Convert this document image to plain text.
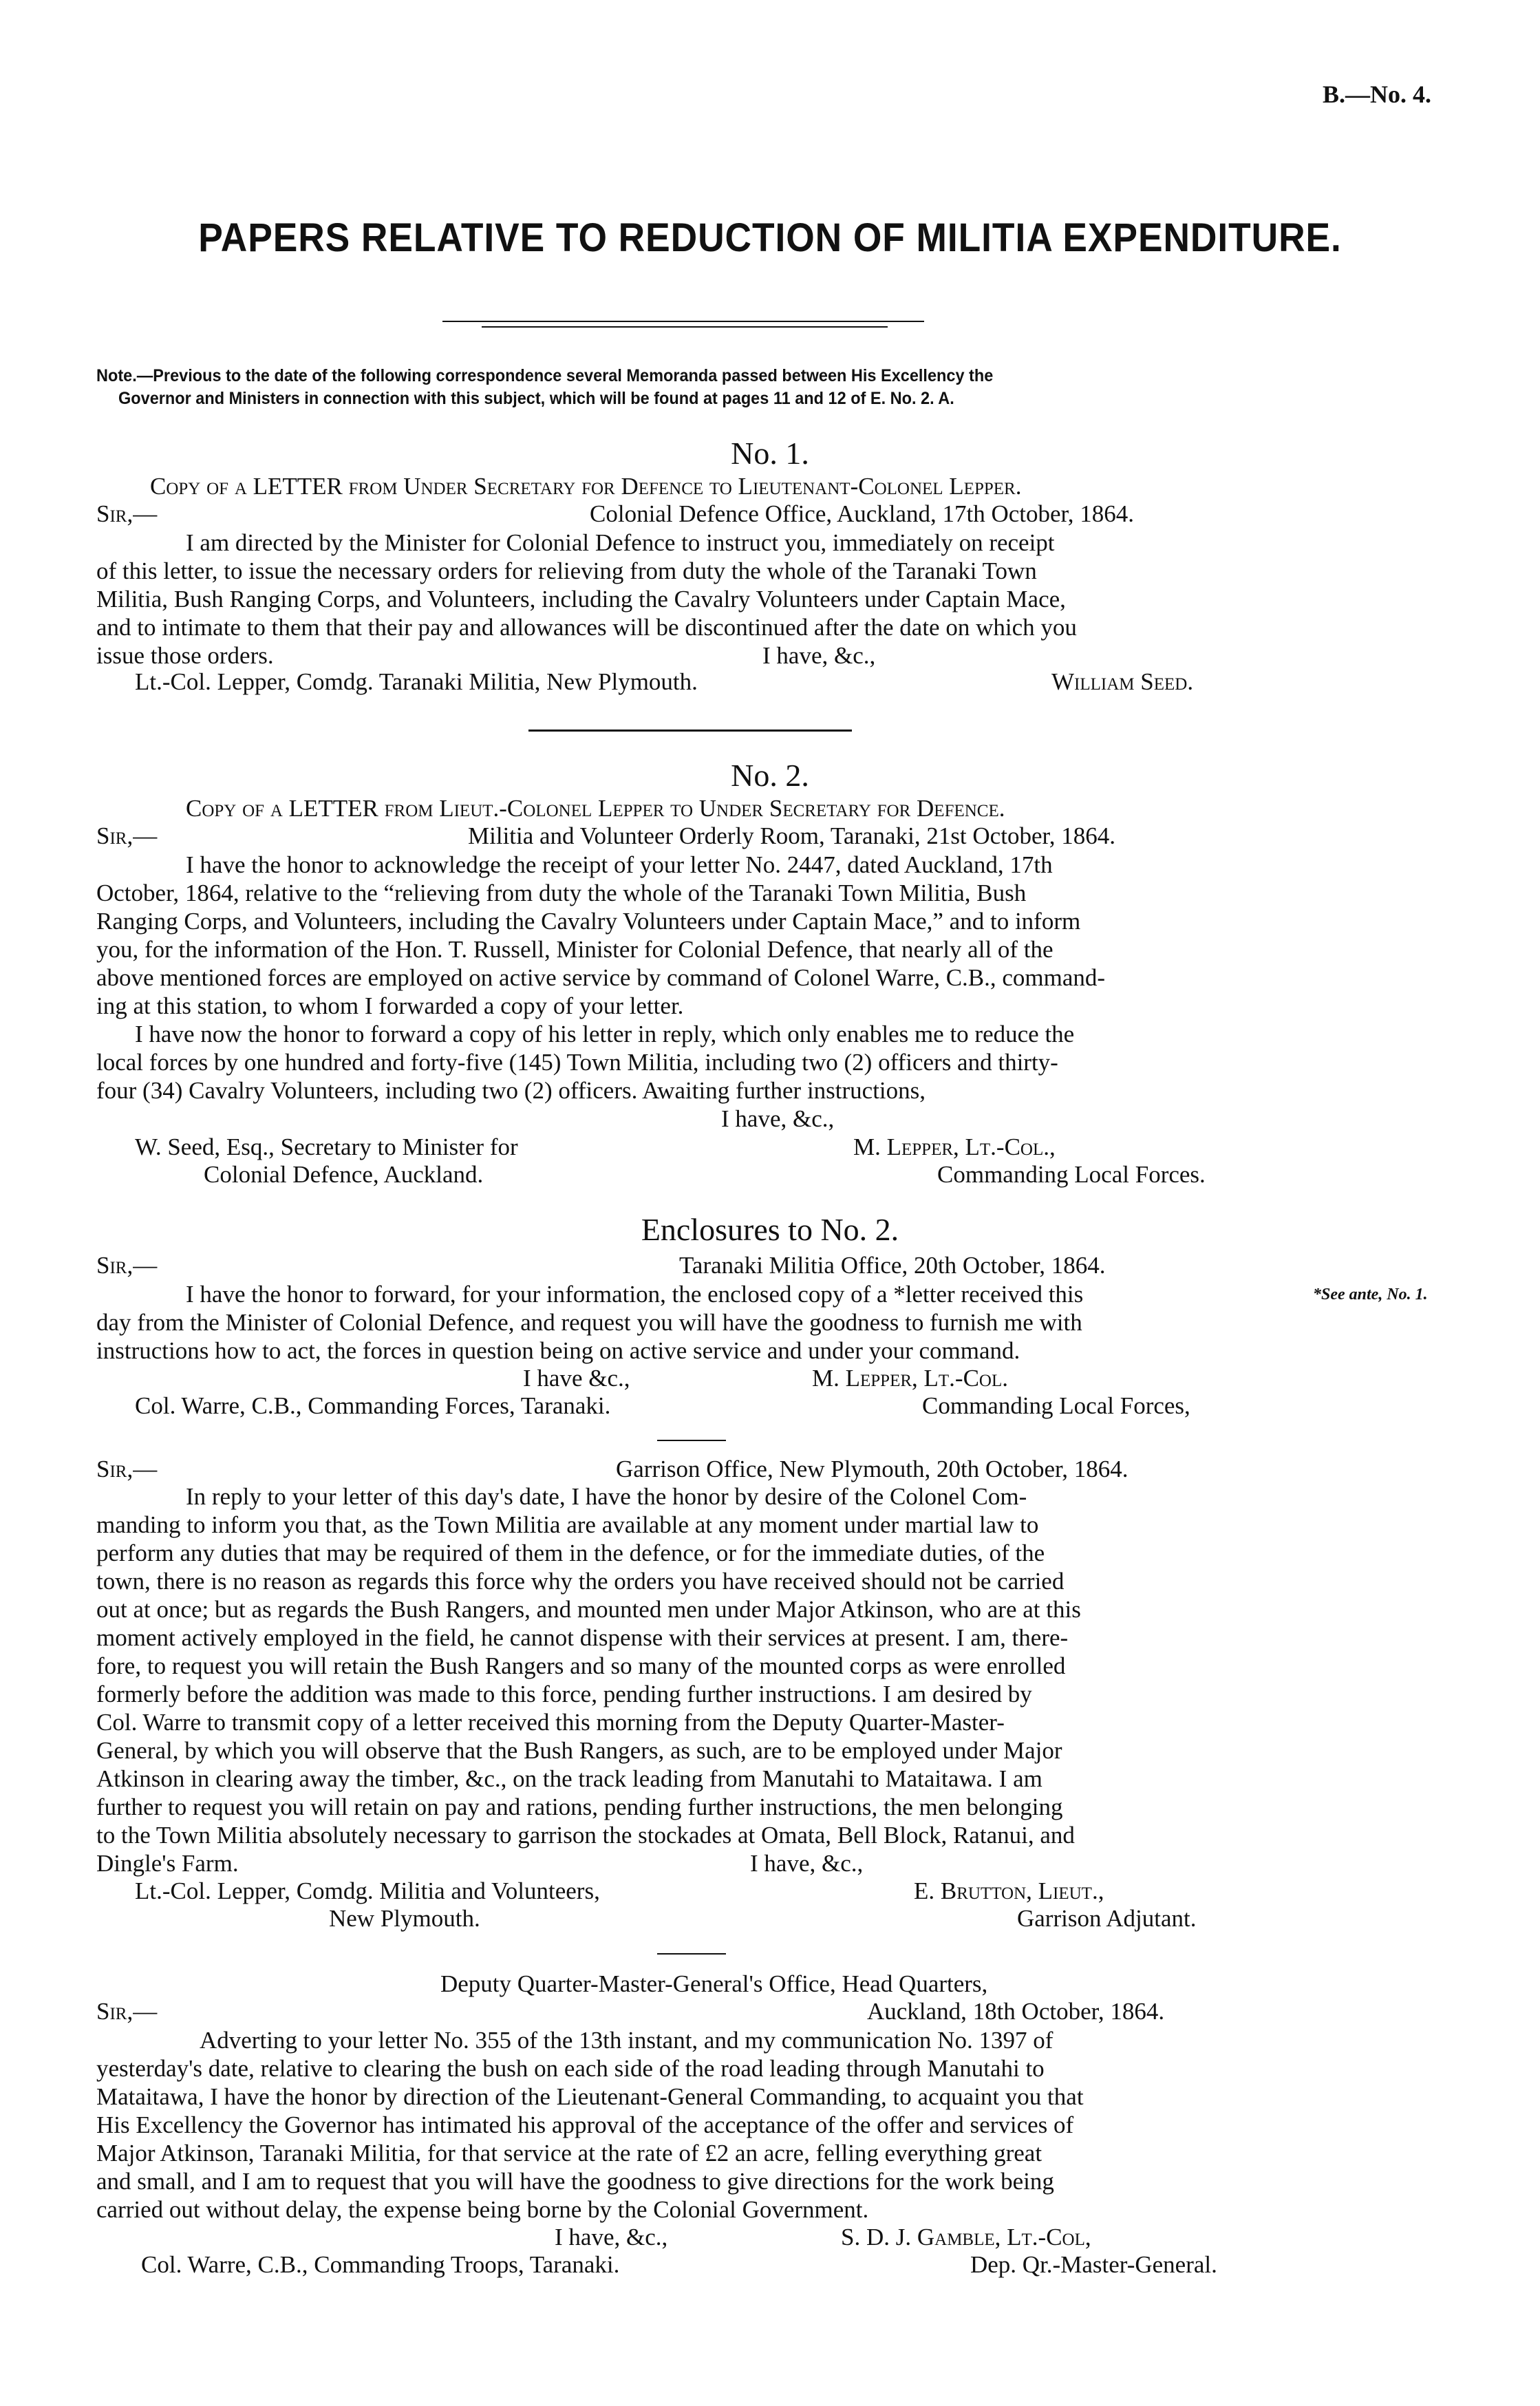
B.—No. 4.
PAPERS RELATIVE TO REDUCTION OF MILITIA EXPENDITURE.
Note.—Previous to the date of the following correspondence several Memoranda passed between His Excellency the
Governor and Ministers in connection with this subject, which will be found at pages 11 and 12 of E. No. 2. A.
No. 1.
Copy of a LETTER from Under Secretary for Defence to Lieutenant-Colonel Lepper.
Sir,—	Colonial Defence Office, Auckland, 17th October, 1864.

I am directed by the Minister for Colonial Defence to instruct you, immediately on receipt

of this letter, to issue the necessary orders for relieving from duty the whole of the Taranaki Town

Militia, Bush Ranging Corps, and Volunteers, including the Cavalry Volunteers under Captain Mace,

and to intimate to them that their pay and allowances will be discontinued after the date on which you

issue those orders.	I have, &c.,
Lt.-Col. Lepper, Comdg. Taranaki Militia, New Plymouth.	William Seed.
No. 2.
Copy of a LETTER from Lieut.-Colonel Lepper to Under Secretary for Defence.
Sir,—	Militia and Volunteer Orderly Room, Taranaki, 21st October, 1864.

I have the honor to acknowledge the receipt of your letter No. 2447, dated Auckland, 17th

October, 1864, relative to the “relieving from duty the whole of the Taranaki Town Militia, Bush

Ranging Corps, and Volunteers, including the Cavalry Volunteers under Captain Mace,” and to inform

you, for the information of the Hon. T. Russell, Minister for Colonial Defence, that nearly all of the

above mentioned forces are employed on active service by command of Colonel Warre, C.B., command-

ing at this station, to whom I forwarded a copy of your letter.

I have now the honor to forward a copy of his letter in reply, which only enables me to reduce the

local forces by one hundred and forty-five (145) Town Militia, including two (2) officers and thirty-

four (34) Cavalry Volunteers, including two (2) officers. Awaiting further instructions,
I have, &c.,
W. Seed, Esq., Secretary to Minister for	M. Lepper, Lt.-Col.,
Colonial Defence, Auckland.	Commanding Local Forces.
Enclosures to No. 2.
Sir,—	Taranaki Militia Office, 20th October, 1864.

I have the honor to forward, for your information, the enclosed copy of a *letter received this

day from the Minister of Colonial Defence, and request you will have the goodness to furnish me with

*See ante, No. 1.
instructions how to act, the forces in question being on active service and under your command.
I have &c.,	M. Lepper, Lt.-Col.
Col. Warre, C.B., Commanding Forces, Taranaki.	Commanding Local Forces,
Sir,—	Garrison Office, New Plymouth, 20th October, 1864.

In reply to your letter of this day's date, I have the honor by desire of the Colonel Com-

manding to inform you that, as the Town Militia are available at any moment under martial law to

perform any duties that may be required of them in the defence, or for the immediate duties, of the

town, there is no reason as regards this force why the orders you have received should not be carried

out at once; but as regards the Bush Rangers, and mounted men under Major Atkinson, who are at this

moment actively employed in the field, he cannot dispense with their services at present. I am, there-

fore, to request you will retain the Bush Rangers and so many of the mounted corps as were enrolled

formerly before the addition was made to this force, pending further instructions. I am desired by

Col. Warre to transmit copy of a letter received this morning from the Deputy Quarter-Master-

General, by which you will observe that the Bush Rangers, as such, are to be employed under Major

Atkinson in clearing away the timber, &c., on the track leading from Manutahi to Mataitawa. I am

further to request you will retain on pay and rations, pending further instructions, the men belonging

to the Town Militia absolutely necessary to garrison the stockades at Omata, Bell Block, Ratanui, and

Dingle's Farm.	I have, &c.,
Lt.-Col. Lepper, Comdg. Militia and Volunteers,	E. Brutton, Lieut.,
New Plymouth.	Garrison Adjutant.
Deputy Quarter-Master-General's Office, Head Quarters,
Sir,—	Auckland, 18th October, 1864.

Adverting to your letter No. 355 of the 13th instant, and my communication No. 1397 of

yesterday's date, relative to clearing the bush on each side of the road leading through Manutahi to

Mataitawa, I have the honor by direction of the Lieutenant-General Commanding, to acquaint you that

His Excellency the Governor has intimated his approval of the acceptance of the offer and services of

Major Atkinson, Taranaki Militia, for that service at the rate of £2 an acre, felling everything great

and small, and I am to request that you will have the goodness to give directions for the work being

carried out without delay, the expense being borne by the Colonial Government.
I have, &c.,	S. D. J. Gamble, Lt.-Col,
Col. Warre, C.B., Commanding Troops, Taranaki.	Dep. Qr.-Master-General.
